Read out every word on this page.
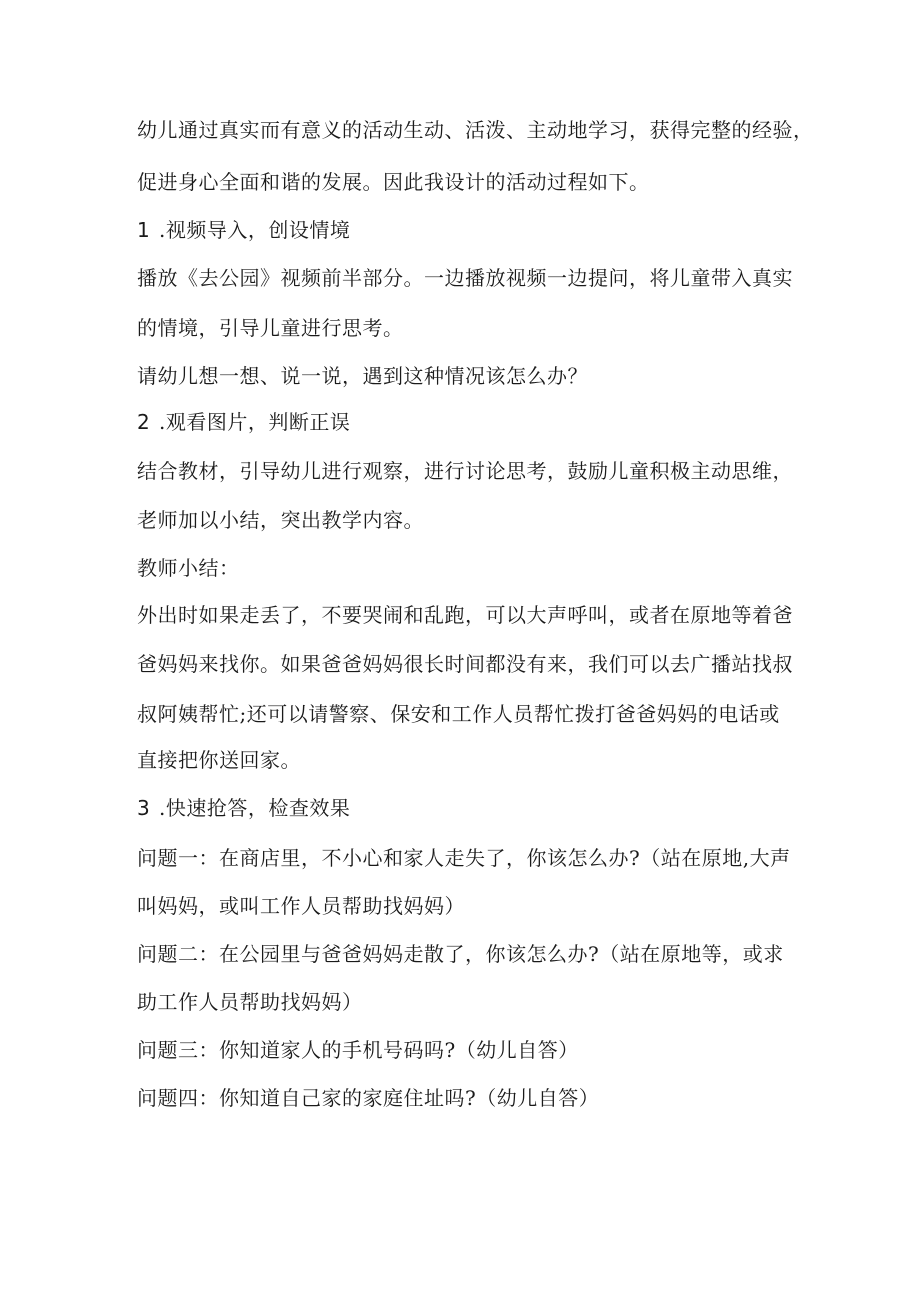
幼儿通过真实而有意义的活动生动、活泼、主动地学习，获得完整的经验，
促进身心全面和谐的发展。因此我设计的活动过程如下。
1 .视频导入，创设情境
播放《去公园》视频前半部分。一边播放视频一边提问，将儿童带入真实
的情境，引导儿童进行思考。
请幼儿想一想、说一说，遇到这种情况该怎么办？
2 .观看图片，判断正误
结合教材，引导幼儿进行观察，进行讨论思考，鼓励儿童积极主动思维，
老师加以小结，突出教学内容。
教师小结：
外出时如果走丢了，不要哭闹和乱跑，可以大声呼叫，或者在原地等着爸
爸妈妈来找你。如果爸爸妈妈很长时间都没有来，我们可以去广播站找叔
叔阿姨帮忙;还可以请警察、保安和工作人员帮忙拨打爸爸妈妈的电话或
直接把你送回家。
3 .快速抢答，检查效果
问题一：在商店里，不小心和家人走失了，你该怎么办?（站在原地,大声
叫妈妈，或叫工作人员帮助找妈妈）
问题二：在公园里与爸爸妈妈走散了，你该怎么办?（站在原地等，或求
助工作人员帮助找妈妈）
问题三：你知道家人的手机号码吗?（幼儿自答）
问题四：你知道自己家的家庭住址吗?（幼儿自答）
